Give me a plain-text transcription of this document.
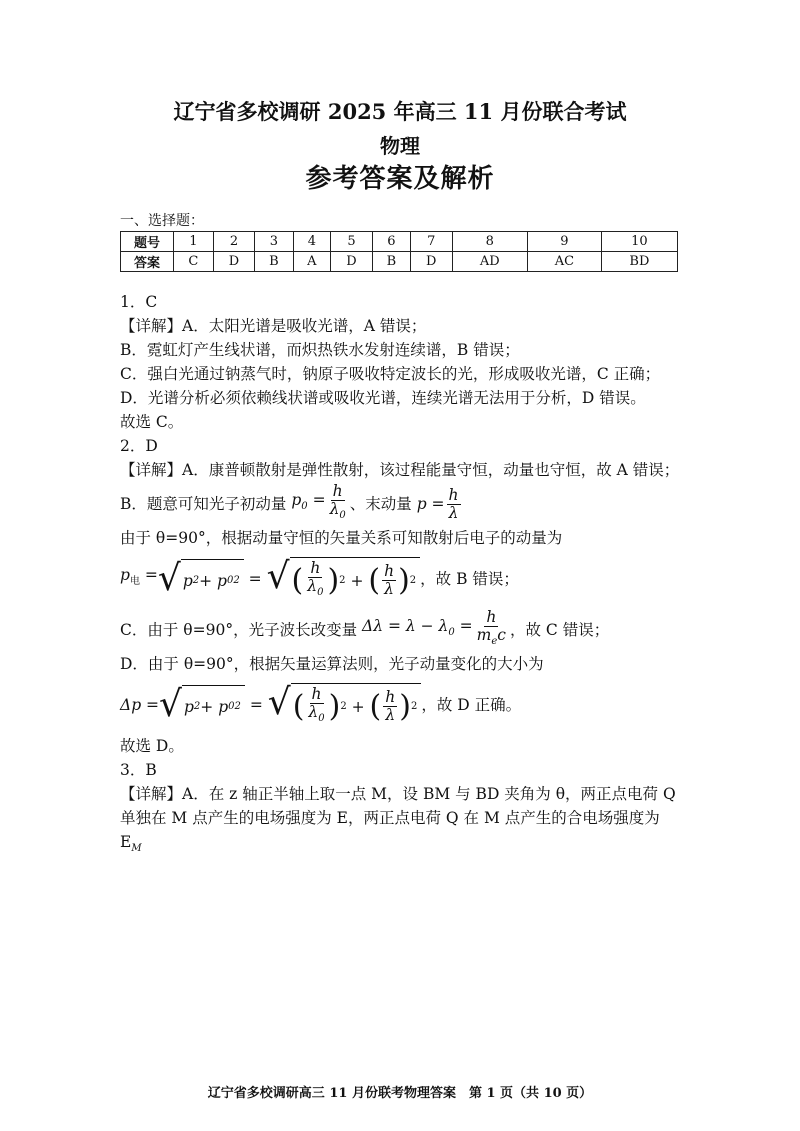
辽宁省多校调研 2025 年高三 11 月份联合考试
物理
参考答案及解析
一、选择题：
题号	1	2	3	4	5	6	7	8	9	10
答案	C	D	B	A	D	B	D	AD	AC	BD
1．C
【详解】A．太阳光谱是吸收光谱，A 错误；
B．霓虹灯产生线状谱，而炽热铁水发射连续谱，B 错误；
C．强白光通过钠蒸气时，钠原子吸收特定波长的光，形成吸收光谱，C 正确；
D．光谱分析必须依赖线状谱或吸收光谱，连续光谱无法用于分析，D 错误。
故选 C。
2．D
【详解】A．康普顿散射是弹性散射，该过程能量守恒，动量也守恒，故 A 错误；
B．题意可知光子初动量 $p_0 = \frac{h}{\lambda_0}$ 、末动量 $p = \frac{h}{\lambda}$
由于 θ=90°，根据动量守恒的矢量关系可知散射后电子的动量为
$p_电$ = √ p 2 + p 0 2 = √ ( $\frac{h}{\lambda_0}$ ) 2 + ( $\frac{h}{\lambda}$ ) 2 ，故 B 错误；
C．由于 θ=90°，光子波长改变量 $\Delta\lambda = \lambda - \lambda_0 = \frac{h}{m_ec}$ ，故 C 错误；
D．由于 θ=90°，根据矢量运算法则，光子动量变化的大小为
Δp = √ p 2 + p 0 2 = √ ( $\frac{h}{\lambda_0}$ ) 2 + ( $\frac{h}{\lambda}$ ) 2 ，故 D 正确。
故选 D。
3．B
【详解】A．在 z 轴正半轴上取一点 M，设 BM 与 BD 夹角为 θ，两正点电荷 Q 单独在 M 点产生的电场强度为 E，两正点电荷 Q 在 M 点产生的合电场强度为 $E_M$
辽宁省多校调研高三 11 月份联考物理答案　第 1 页（共 10 页）
